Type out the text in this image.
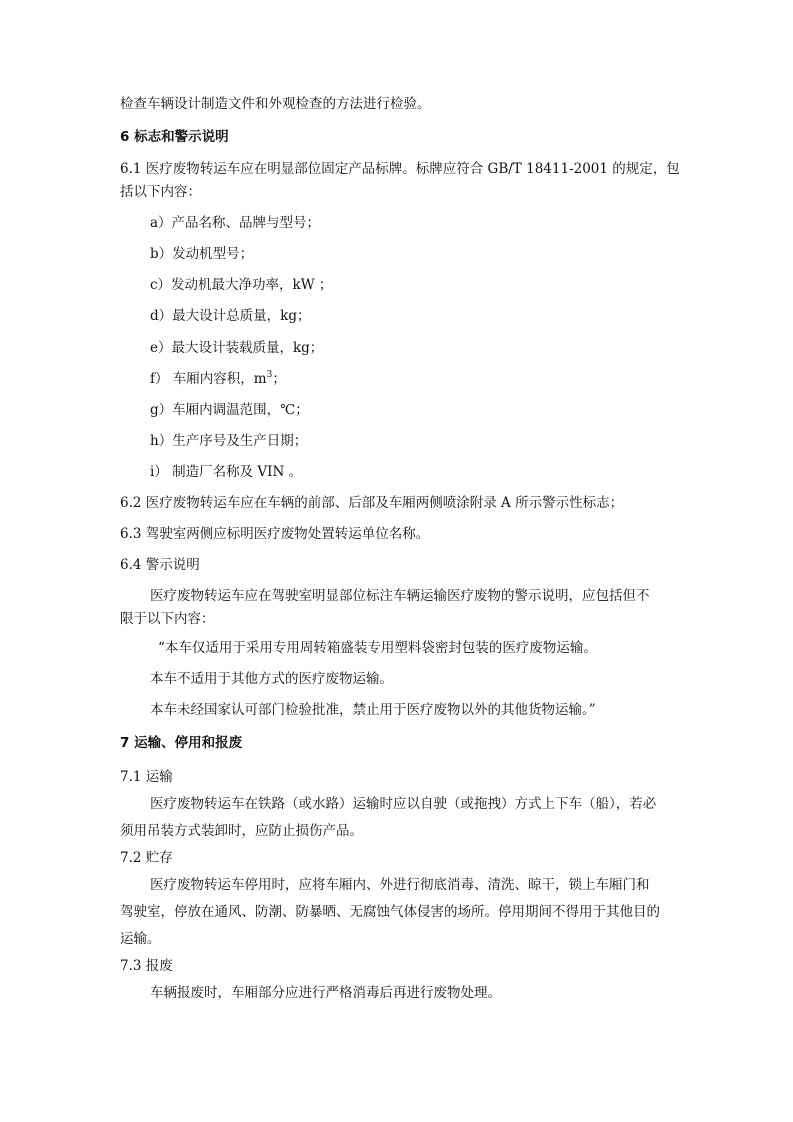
检查车辆设计制造文件和外观检查的方法进行检验。
6 标志和警示说明
6.1 医疗废物转运车应在明显部位固定产品标牌。标牌应符合 GB/T 18411-2001 的规定，包
括以下内容：
a）产品名称、品牌与型号；
b）发动机型号；
c）发动机最大净功率，kW ；
d）最大设计总质量，kg；
e）最大设计装载质量，kg；
f） 车厢内容积，$m^3$；
g）车厢内调温范围，℃；
h）生产序号及生产日期；
i） 制造厂名称及 VIN 。
6.2 医疗废物转运车应在车辆的前部、后部及车厢两侧喷涂附录 A 所示警示性标志；
6.3 驾驶室两侧应标明医疗废物处置转运单位名称。
6.4 警示说明
医疗废物转运车应在驾驶室明显部位标注车辆运输医疗废物的警示说明，应包括但不
限于以下内容：
“本车仅适用于采用专用周转箱盛装专用塑料袋密封包装的医疗废物运输。
本车不适用于其他方式的医疗废物运输。
本车未经国家认可部门检验批准，禁止用于医疗废物以外的其他货物运输。”
7 运输、停用和报废
7.1 运输
医疗废物转运车在铁路（或水路）运输时应以自驶（或拖拽）方式上下车（船），若必
须用吊装方式装卸时，应防止损伤产品。
7.2 贮存
医疗废物转运车停用时，应将车厢内、外进行彻底消毒、清洗、晾干，锁上车厢门和
驾驶室，停放在通风、防潮、防暴晒、无腐蚀气体侵害的场所。停用期间不得用于其他目的
运输。
7.3 报废
车辆报废时，车厢部分应进行严格消毒后再进行废物处理。
